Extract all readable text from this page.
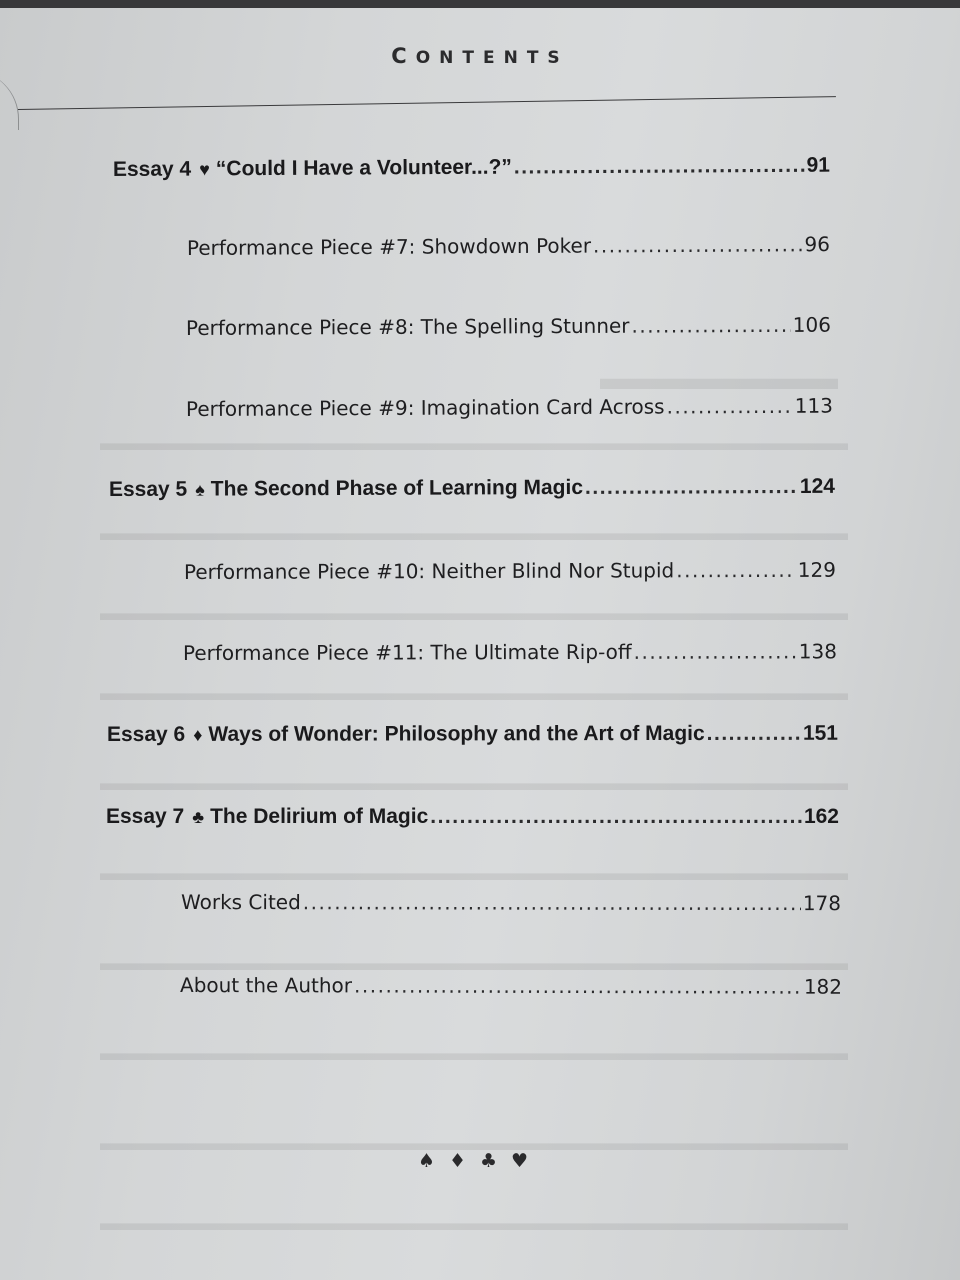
▬▬▬▬▬▬▬
▬▬▬▬▬▬▬▬▬▬▬▬▬▬▬▬▬▬▬▬▬▬▬▬▬▬▬▬▬▬▬▬▬▬
▬▬▬▬▬▬▬▬▬▬▬▬▬▬▬▬▬▬▬▬▬▬▬▬▬▬▬▬▬▬▬▬▬▬
▬▬▬▬▬▬▬▬▬▬▬▬▬▬▬▬▬▬▬▬▬▬▬▬▬▬▬▬▬▬▬▬▬▬
▬▬▬▬▬▬▬▬▬▬▬▬▬▬▬▬▬▬▬▬▬▬▬▬▬▬▬▬▬▬▬▬▬▬
▬▬▬▬▬▬▬▬▬▬▬▬▬▬▬▬▬▬▬▬▬▬▬▬▬▬▬▬▬▬▬▬▬▬
▬▬▬▬▬▬▬▬▬▬▬▬▬▬▬▬▬▬▬▬▬▬▬▬▬▬▬▬▬▬▬▬▬▬
▬▬▬▬▬▬▬▬▬▬▬▬▬▬▬▬▬▬▬▬▬▬▬▬▬▬▬▬▬▬▬▬▬▬
▬▬▬▬▬▬▬▬▬▬▬▬▬▬▬▬▬▬▬▬▬▬▬▬▬▬▬▬▬▬▬▬▬▬
▬▬▬▬▬▬▬▬▬▬▬▬▬▬▬▬▬▬▬▬▬▬▬▬▬▬▬▬▬▬▬▬▬▬
▬▬▬▬▬▬▬▬▬▬▬▬▬▬▬▬▬▬▬▬▬▬▬▬▬▬▬▬▬▬▬▬▬▬
CONTENTS
Essay 4 ♥ “Could I Have a Volunteer...?” .....	91
Performance Piece #7: Showdown Poker .....	96
Performance Piece #8: The Spelling Stunner .....	106
Performance Piece #9: Imagination Card Across .....	113
Essay 5 ♠ The Second Phase of Learning Magic .....	124
Performance Piece #10: Neither Blind Nor Stupid .....	129
Performance Piece #11: The Ultimate Rip-off .....	138
Essay 6 ♦ Ways of Wonder: Philosophy and the Art of Magic .....	151
Essay 7 ♣ The Delirium of Magic .....	162
Works Cited .....	178
About the Author .....	182
♠♦♣♥
